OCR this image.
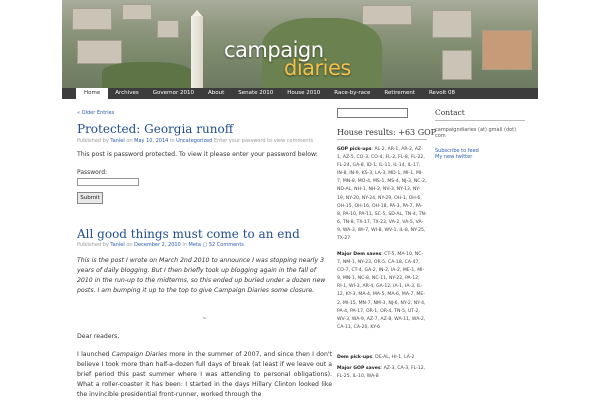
campaign
diaries
Home	Archives	Governor 2010	About	Senate 2010	House 2010	Race-by-race	Retirement	Revolt 08
« Older Entries
Protected: Georgia runoff
Published by Taniel on May 10, 2014 in Uncategorized Enter your password to view comments
This post is password protected. To view it please enter your password below:
Password:
Submit
All good things must come to an end
Published by Taniel on December 2, 2010 in Meta ▢ 52 Comments
This is the post I wrote on March 2nd 2010 to announce I was stopping nearly 3 years of daily blogging. But I then briefly took up blogging again in the fall of 2010 in the run-up to the midterms, so this ended up buried under a dozen new posts. I am bumping it up to the top to give Campaign Diaries some closure.
~
Dear readers,
I launched Campaign Diaries more in the summer of 2007, and since then I don't believe I took more than half-a-dozen full days of break (at least if we leave out a brief period this past summer where I was attending to personal obligations). What a roller-coaster it has been: I started in the days Hillary Clinton looked like the invincible presidential front-runner, worked through the
House results: +63 GOP
GOP pick-ups: AL-2, AR-1, AR-2, AZ-1, AZ-5, CO-3, CO-4, FL-2, FL-8, FL-22, FL-24, GA-8, ID-1, IL-11, IL-14, IL-17, IN-8, IN-9, KS-3, LA-3, MD-1, MI-1, MI-7, MN-8, MO-4, MS-1, MS-4, NJ-3, NC-2, ND-AL, NH-1, NH-2, NV-3, NY-13, NY-19, NY-20, NY-24, NY-29, OH-1, OH-6, OH-15, OH-16, OH-18, PA-3, PA-7, PA-8, PA-10, PA-11, SC-5, SD-AL, TN-4, TN-6, TN-8, TX-17, TX-23, VA-2, VA-5, VA-9, WA-3, WI-7, WI-8, WV-1, IL-8, NY-25, TX-27
Major Dem saves: CT-5, MA-10, NC-7, NM-1, NY-23, OR-5, CA-18, CA-47, CO-7, CT-4, GA-2, IN-2, IA-2, ME-1, MI-9, MN-1, NC-8, NC-11, NY-22, PA-12, RI-1, WI-3, AR-4, GA-12, IA-1, IA-3, IL-12, KY-3, MA-4, MA-5, MA-6, MA-7, ME-2, MI-15, MN-7, NM-3, NJ-6, NY-2, NY-4, PA-4, PA-17, OR-1, OR-4, TN-5, UT-2, WV-3, WA-9, AZ-7, AZ-8, WA-11, WA-2, CA-11, CA-20, KY-6
Dem pick-ups: DE-AL, HI-1, LA-2
Major GOP saves: AZ-3, CA-3, FL-12, FL-25, IL-10, WA-8
Contact
campaigndiaries (at) gmail (dot) com
Subscribe to feed
My new twitter
